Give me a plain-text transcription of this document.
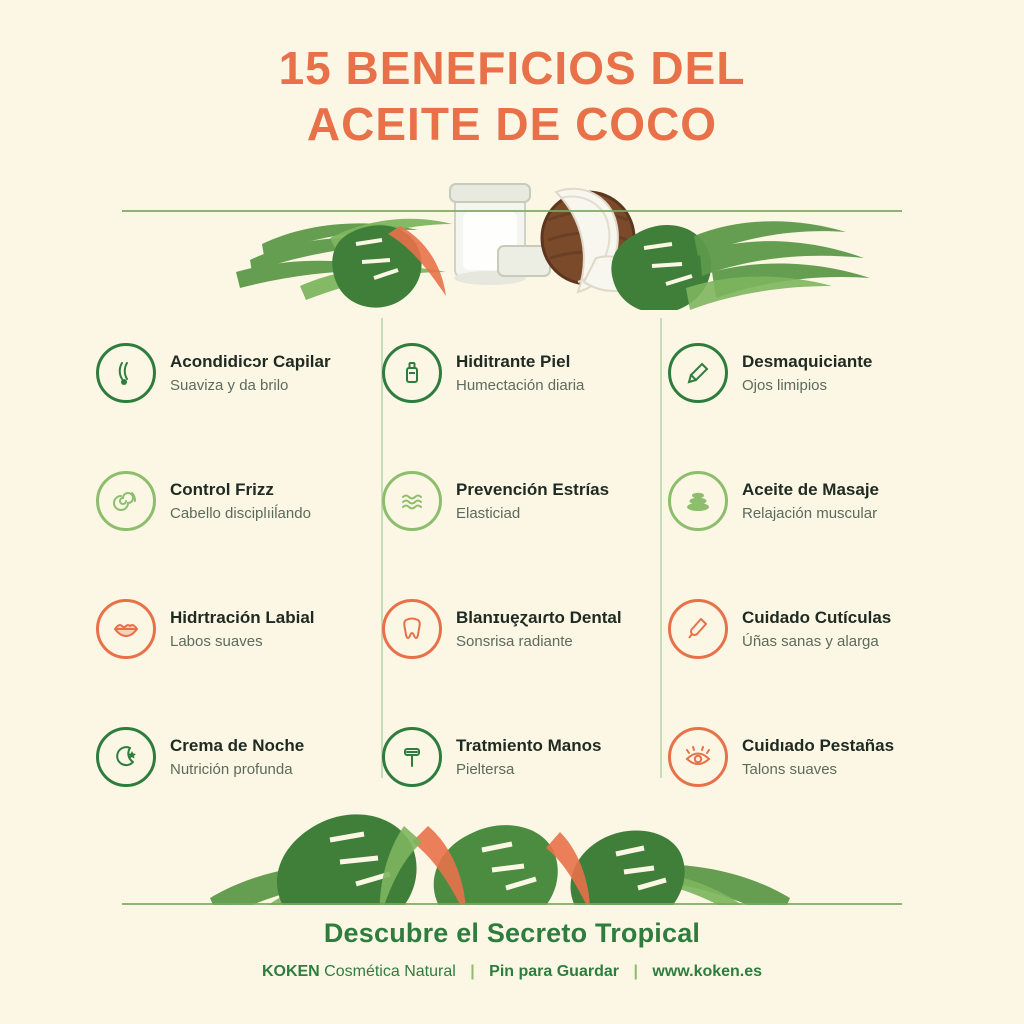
15 BENEFICIOS DEL
ACEITE DE COCO
Acondidicɔr Capilar
Suaviza y da brilo
Hiditrante Piel
Humectación diaria
Desmaquiciante
Ojos limipios
Control Frizz
Cabello disciplıiĺando
Prevención Estrías
Elasticiad
Aceite de Masaje
Relajación muscular
Hidrtración Labial
Labos suaves
Blanɪuȩɀaıɾto Dental
Sonsrisa radiante
Cuidado Cutículas
Úñas sanas y alarga
Crema de Noche
Nutrición profunda
Tratmiento Manos
Pieltersa
Cuidıado Pestañas
Talons suaves
Descubre el Secreto Tropical
KOKEN Cosmética Natural | Pin para Guardar | www.koken.es
